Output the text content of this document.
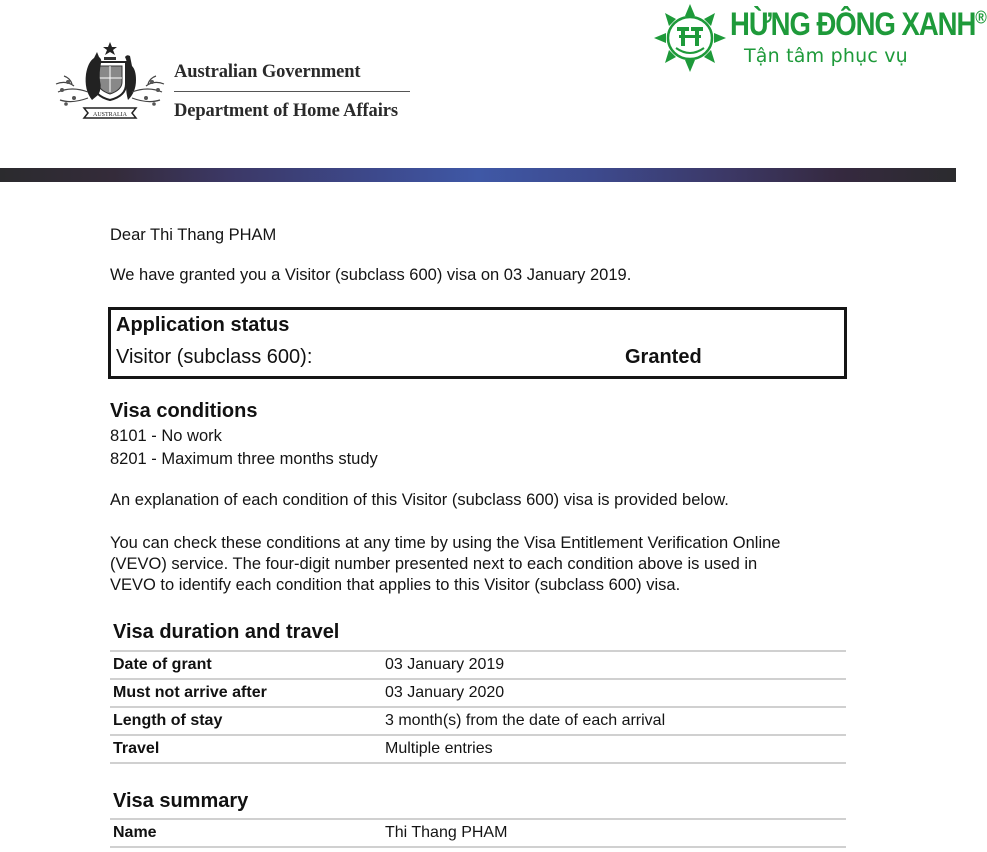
AUSTRALIA
Australian Government
Department of Home Affairs
HỪNG ĐÔNG XANH®
Tận tâm phục vụ
Dear Thi Thang PHAM
We have granted you a Visitor (subclass 600) visa on 03 January 2019.
Application status
Visitor (subclass 600):	Granted
Visa conditions
8101 - No work
8201 - Maximum three months study
An explanation of each condition of this Visitor (subclass 600) visa is provided below.
You can check these conditions at any time by using the Visa Entitlement Verification Online
(VEVO) service. The four-digit number presented next to each condition above is used in
VEVO to identify each condition that applies to this Visitor (subclass 600) visa.
Visa duration and travel
Date of grant	03 January 2019
Must not arrive after	03 January 2020
Length of stay	3 month(s) from the date of each arrival
Travel	Multiple entries
Visa summary
Name	Thi Thang PHAM
